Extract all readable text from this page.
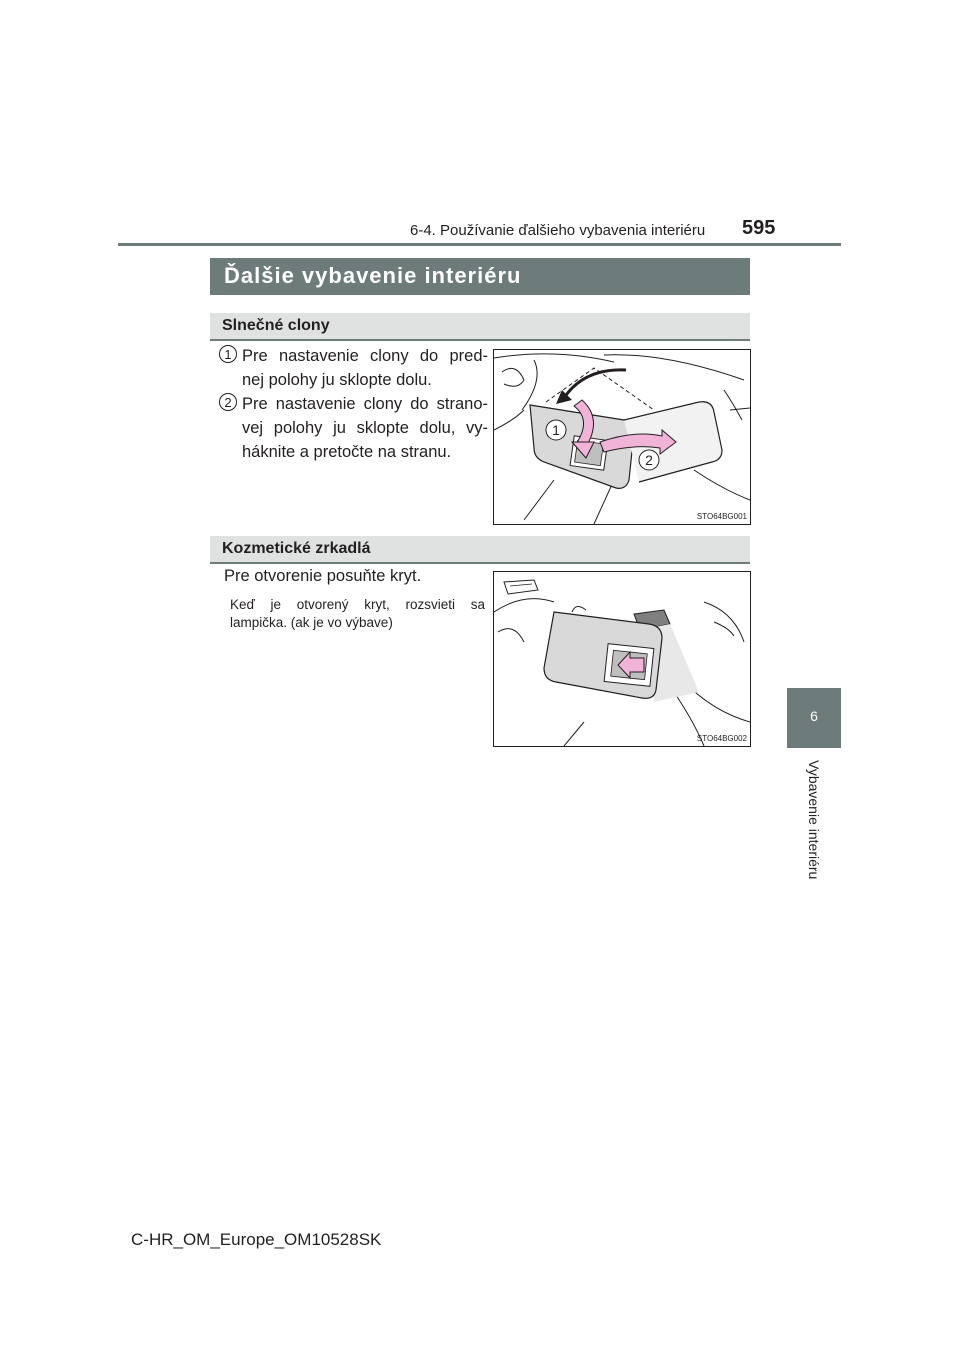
6-4. Používanie ďalšieho vybavenia interiéru 595
6
Vybavenie interiéru
Ďalšie vybavenie interiéru
Slnečné clony
1 Pre nastavenie clony do pred-
nej polohy ju sklopte dolu.
2 Pre nastavenie clony do strano-
vej polohy ju sklopte dolu, vy-
háknite a pretočte na stranu.
1
2
STO64BG001
Kozmetické zrkadlá
Pre otvorenie posuňte kryt.
Keď je otvorený kryt, rozsvieti sa
lampička. (ak je vo výbave)
STO64BG002
C-HR_OM_Europe_OM10528SK
